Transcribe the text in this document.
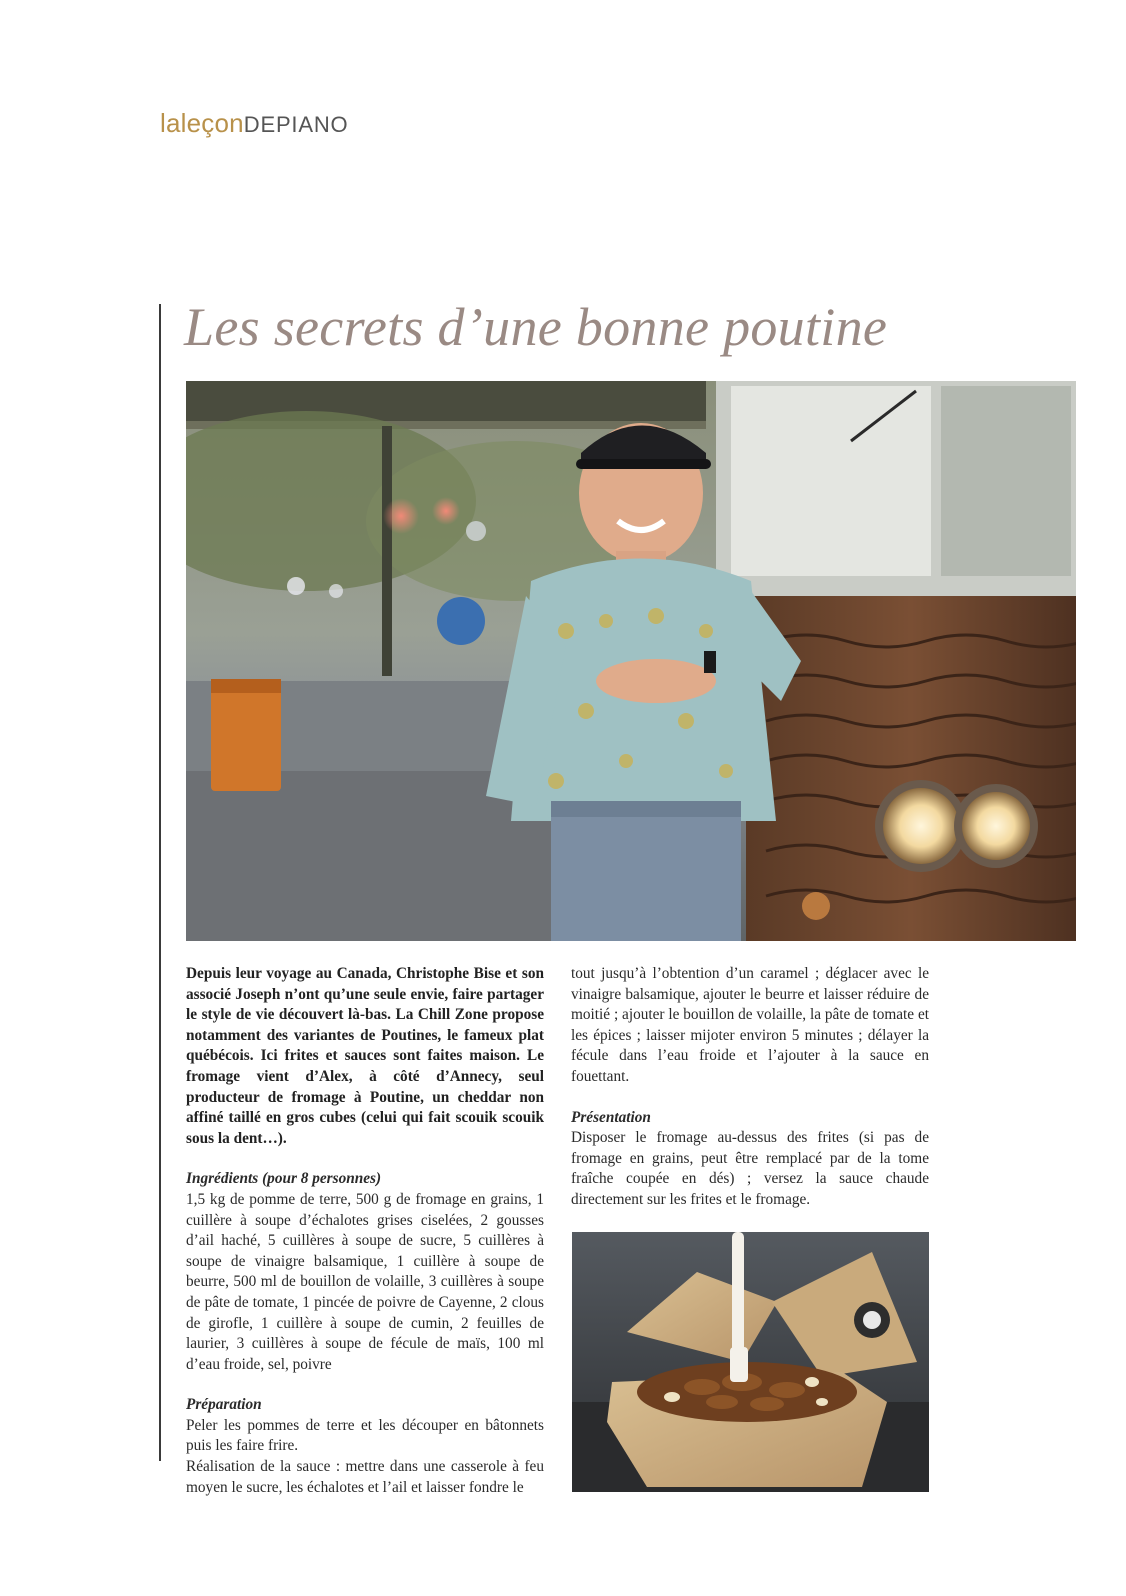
laleçonDEPIANO
Les secrets d’une bonne poutine

Depuis leur voyage au Canada, Christophe Bise et son associé Joseph n’ont qu’une seule envie, faire partager le style de vie découvert là-bas. La Chill Zone propose notamment des variantes de Poutines, le fameux plat québécois. Ici frites et sauces sont faites maison. Le fromage vient d’Alex, à côté d’Annecy, seul producteur de fromage à Poutine, un cheddar non affiné taillé en gros cubes (celui qui fait scouik scouik sous la dent…).

Ingrédients (pour 8 personnes)

1,5 kg de pomme de terre, 500 g de fromage en grains, 1 cuillère à soupe d’échalotes grises ciselées, 2 gousses d’ail haché, 5 cuillères à soupe de sucre, 5 cuillères à soupe de vinaigre balsamique, 1 cuillère à soupe de beurre, 500 ml de bouillon de volaille, 3 cuillères à soupe de pâte de tomate, 1 pincée de poivre de Cayenne, 2 clous de girofle, 1 cuillère à soupe de cumin, 2 feuilles de laurier, 3 cuillères à soupe de fécule de maïs, 100 ml d’eau froide, sel, poivre

Préparation

Peler les pommes de terre et les découper en bâtonnets puis les faire frire.

Réalisation de la sauce : mettre dans une casserole à feu moyen le sucre, les échalotes et l’ail et laisser fondre le

tout jusqu’à l’obtention d’un caramel ; déglacer avec le vinaigre balsamique, ajouter le beurre et laisser réduire de moitié ; ajouter le bouillon de volaille, la pâte de tomate et les épices ; laisser mijoter environ 5 minutes ; délayer la fécule dans l’eau froide et l’ajouter à la sauce en fouettant.

Présentation

Disposer le fromage au-dessus des frites (si pas de fromage en grains, peut être remplacé par de la tome fraîche coupée en dés) ; versez la sauce chaude directement sur les frites et le fromage.
